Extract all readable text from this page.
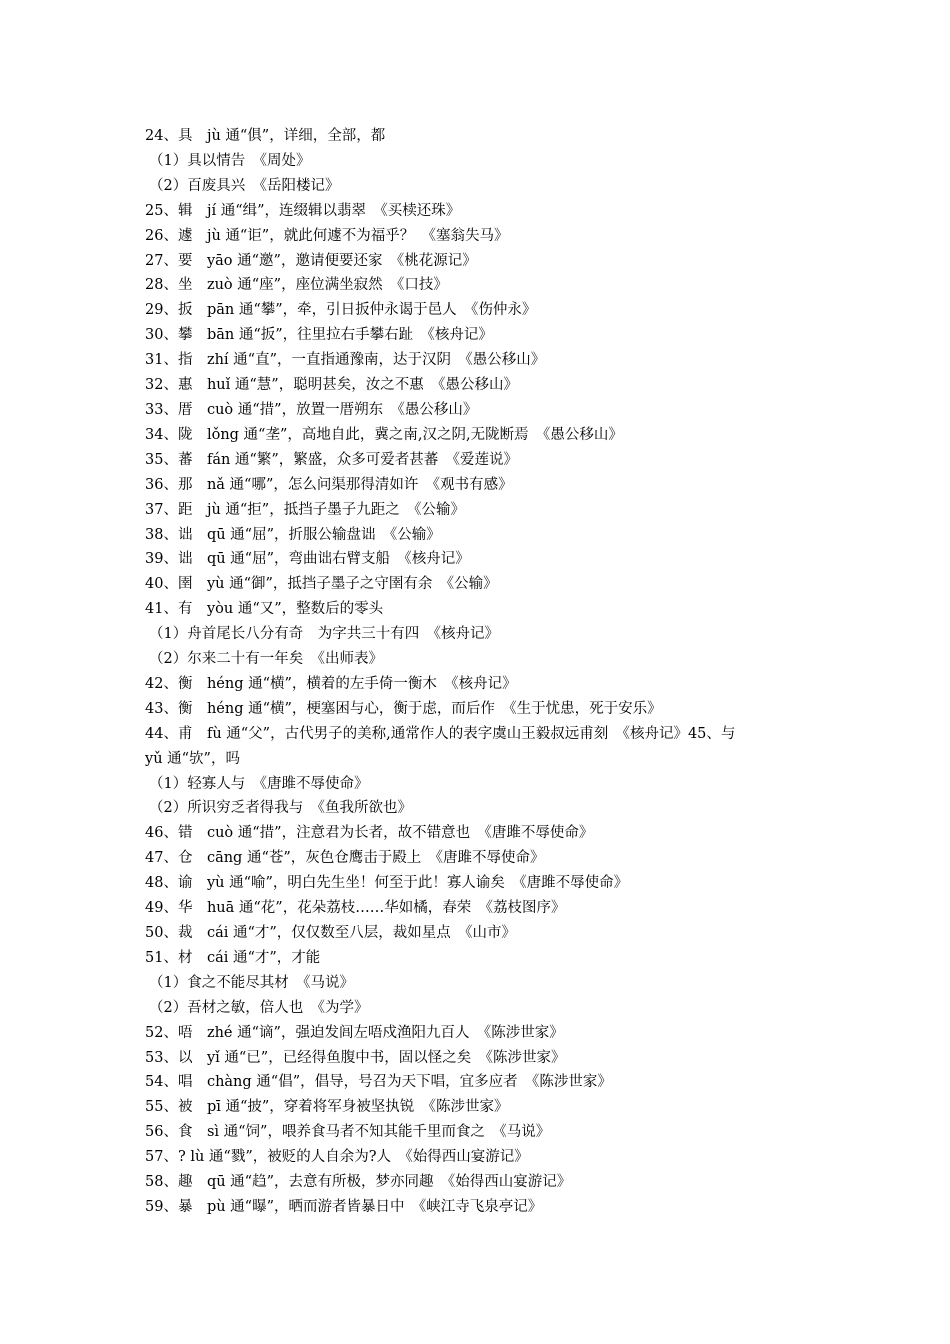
24、具　jù 通“俱”，详细，全部，都
（1）具以情告　《周处》
（2）百废具兴　《岳阳楼记》
25、辑　jí 通“缉”，连缀辑以翡翠　《买椟还珠》
26、遽　jù 通“讵”，就此何遽不为福乎？　《塞翁失马》
27、要　yāo 通“邀”，邀请便要还家　《桃花源记》
28、坐　zuò 通“座”，座位满坐寂然　《口技》
29、扳　pān 通“攀”，牵，引日扳仲永谒于邑人　《伤仲永》
30、攀　bān 通“扳”，往里拉右手攀右趾　《核舟记》
31、指　zhí 通“直”，一直指通豫南，达于汉阴　《愚公移山》
32、惠　huǐ 通“慧”，聪明甚矣，汝之不惠　《愚公移山》
33、厝　cuò 通“措”，放置一厝朔东　《愚公移山》
34、陇　lǒng 通“垄”，高地自此，冀之南,汉之阴,无陇断焉　《愚公移山》
35、蕃　fán 通“繁”，繁盛，众多可爱者甚蕃　《爱莲说》
36、那　nǎ 通“哪”，怎么问渠那得清如许　《观书有感》
37、距　jù 通“拒”，抵挡子墨子九距之　《公输》
38、诎　qū 通“屈”，折服公输盘诎　《公输》
39、诎　qū 通“屈”，弯曲诎右臂支船　《核舟记》
40、圉　yù 通“御”，抵挡子墨子之守圉有余　《公输》
41、有　yòu 通“又”，整数后的零头
（1）舟首尾长八分有奇　为字共三十有四　《核舟记》
（2）尔来二十有一年矣　《出师表》
42、衡　héng 通“横”，横着的左手倚一衡木　《核舟记》
43、衡　héng 通“横”，梗塞困与心，衡于虑，而后作　《生于忧患，死于安乐》
44、甫　fù 通“父”，古代男子的美称,通常作人的表字虞山王毅叔远甫刻　《核舟记》45、与
yǔ 通“欤”，吗
（1）轻寡人与　《唐雎不辱使命》
（2）所识穷乏者得我与　《鱼我所欲也》
46、错　cuò 通“措”，注意君为长者，故不错意也　《唐雎不辱使命》
47、仓　cāng 通“苍”，灰色仓鹰击于殿上　《唐雎不辱使命》
48、谕　yù 通“喻”，明白先生坐！何至于此！寡人谕矣　《唐雎不辱使命》
49、华　huā 通“花”，花朵荔枝……华如橘，春荣　《荔枝图序》
50、裁　cái 通“才”，仅仅数至八层，裁如星点　《山市》
51、材　cái 通“才”，才能
（1）食之不能尽其材　《马说》
（2）吾材之敏，倍人也　《为学》
52、唔　zhé 通“谪”，强迫发闾左唔戍渔阳九百人　《陈涉世家》
53、以　yǐ 通“已”，已经得鱼腹中书，固以怪之矣　《陈涉世家》
54、唱　chàng 通“倡”，倡导，号召为天下唱，宜多应者　《陈涉世家》
55、被　pī 通“披”，穿着将军身被坚执锐　《陈涉世家》
56、食　sì 通“饲”，喂养食马者不知其能千里而食之　《马说》
57、? lù 通“戮”，被贬的人自余为?人　《始得西山宴游记》
58、趣　qū 通“趋”，去意有所极，梦亦同趣　《始得西山宴游记》
59、暴　pù 通“曝”，晒而游者皆暴日中　《峡江寺飞泉亭记》
